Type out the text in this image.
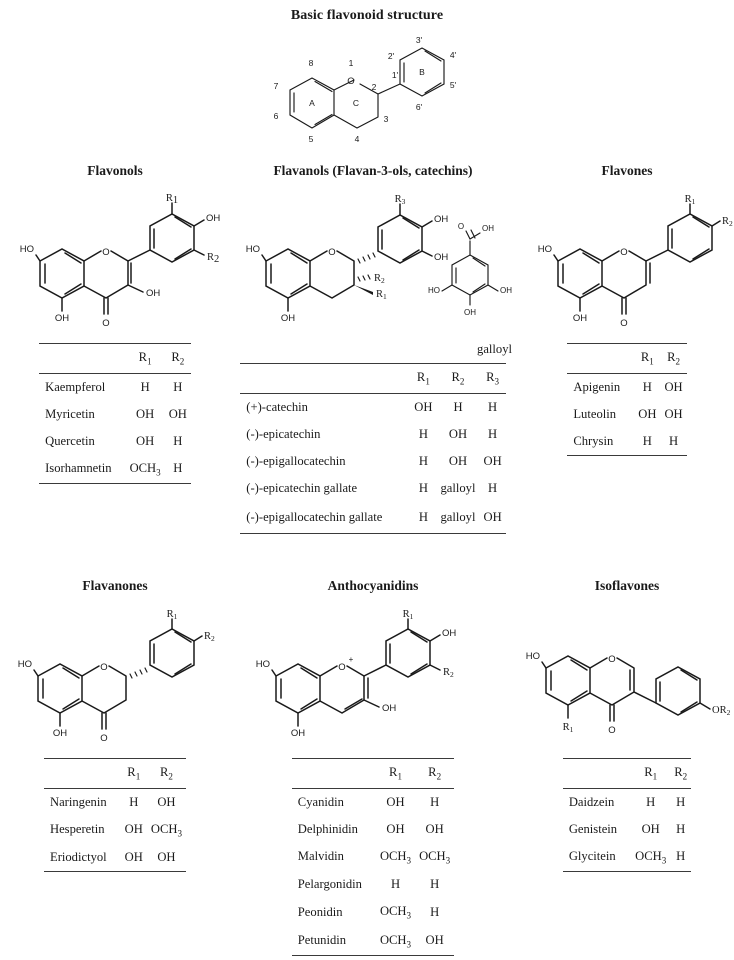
Basic flavonoid structure
O
A
B
C
1
2
3
4
5
6
7
8
1'
2'
3'
4'
5'
6'
Flavonols
HO
OH
O
O
OH
R1
OH
R2
	$R_1$	$R_2$
Kaempferol	H	H
Myricetin	OH	OH
Quercetin	OH	H
Isorhamnetin	$OCH_3$	H
Flavanols (Flavan-3-ols, catechins)
HO
OH
O
R2
R1
R3
OH
OH
O OH
HO	OH
OH
galloyl
	$R_1$	$R_2$	$R_3$
(+)-catechin	OH	H	H
(-)-epicatechin	H	OH	H
(-)-epigallocatechin	H	OH	OH
(-)-epicatechin gallate	H	galloyl	H
(-)-epigallocatechin gallate	H	galloyl	OH
Flavones
HO
OH
O
O
R1
R2
	$R_1$	$R_2$
Apigenin	H	OH
Luteolin	OH	OH
Chrysin	H	H
Flavanones
HO
OH
O
O
R1
R2
	$R_1$	$R_2$
Naringenin	H	OH
Hesperetin	OH	$OCH_3$
Eriodictyol	OH	OH
Anthocyanidins
HO
OH
O
+
OH
R1
OH
R2
	$R_1$	$R_2$
Cyanidin	OH	H
Delphinidin	OH	OH
Malvidin	$OCH_3$	$OCH_3$
Pelargonidin	H	H
Peonidin	$OCH_3$	H
Petunidin	$OCH_3$	OH
Isoflavones
HO
R1
O
O
OR2
	$R_1$	$R_2$
Daidzein	H	H
Genistein	OH	H
Glycitein	$OCH_3$	H
